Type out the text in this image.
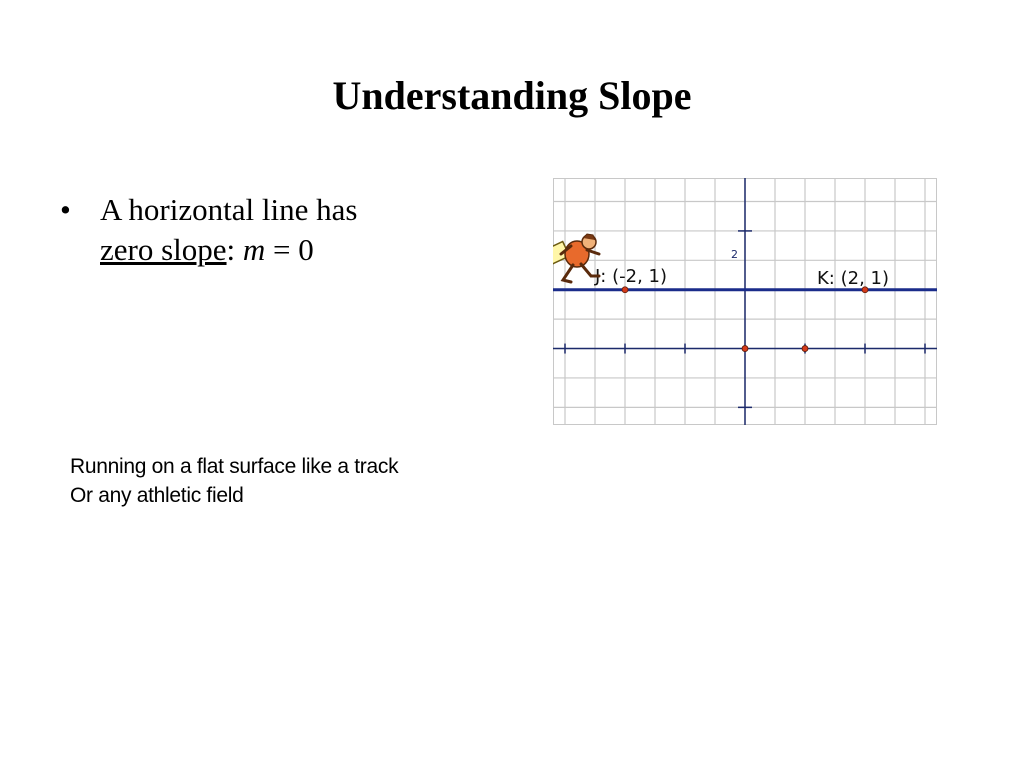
Understanding Slope
• A horizontal line has
zero slope: m = 0	2
J: (-2, 1)	K: (2, 1)
Running on a flat surface like a track
Or any athletic field
